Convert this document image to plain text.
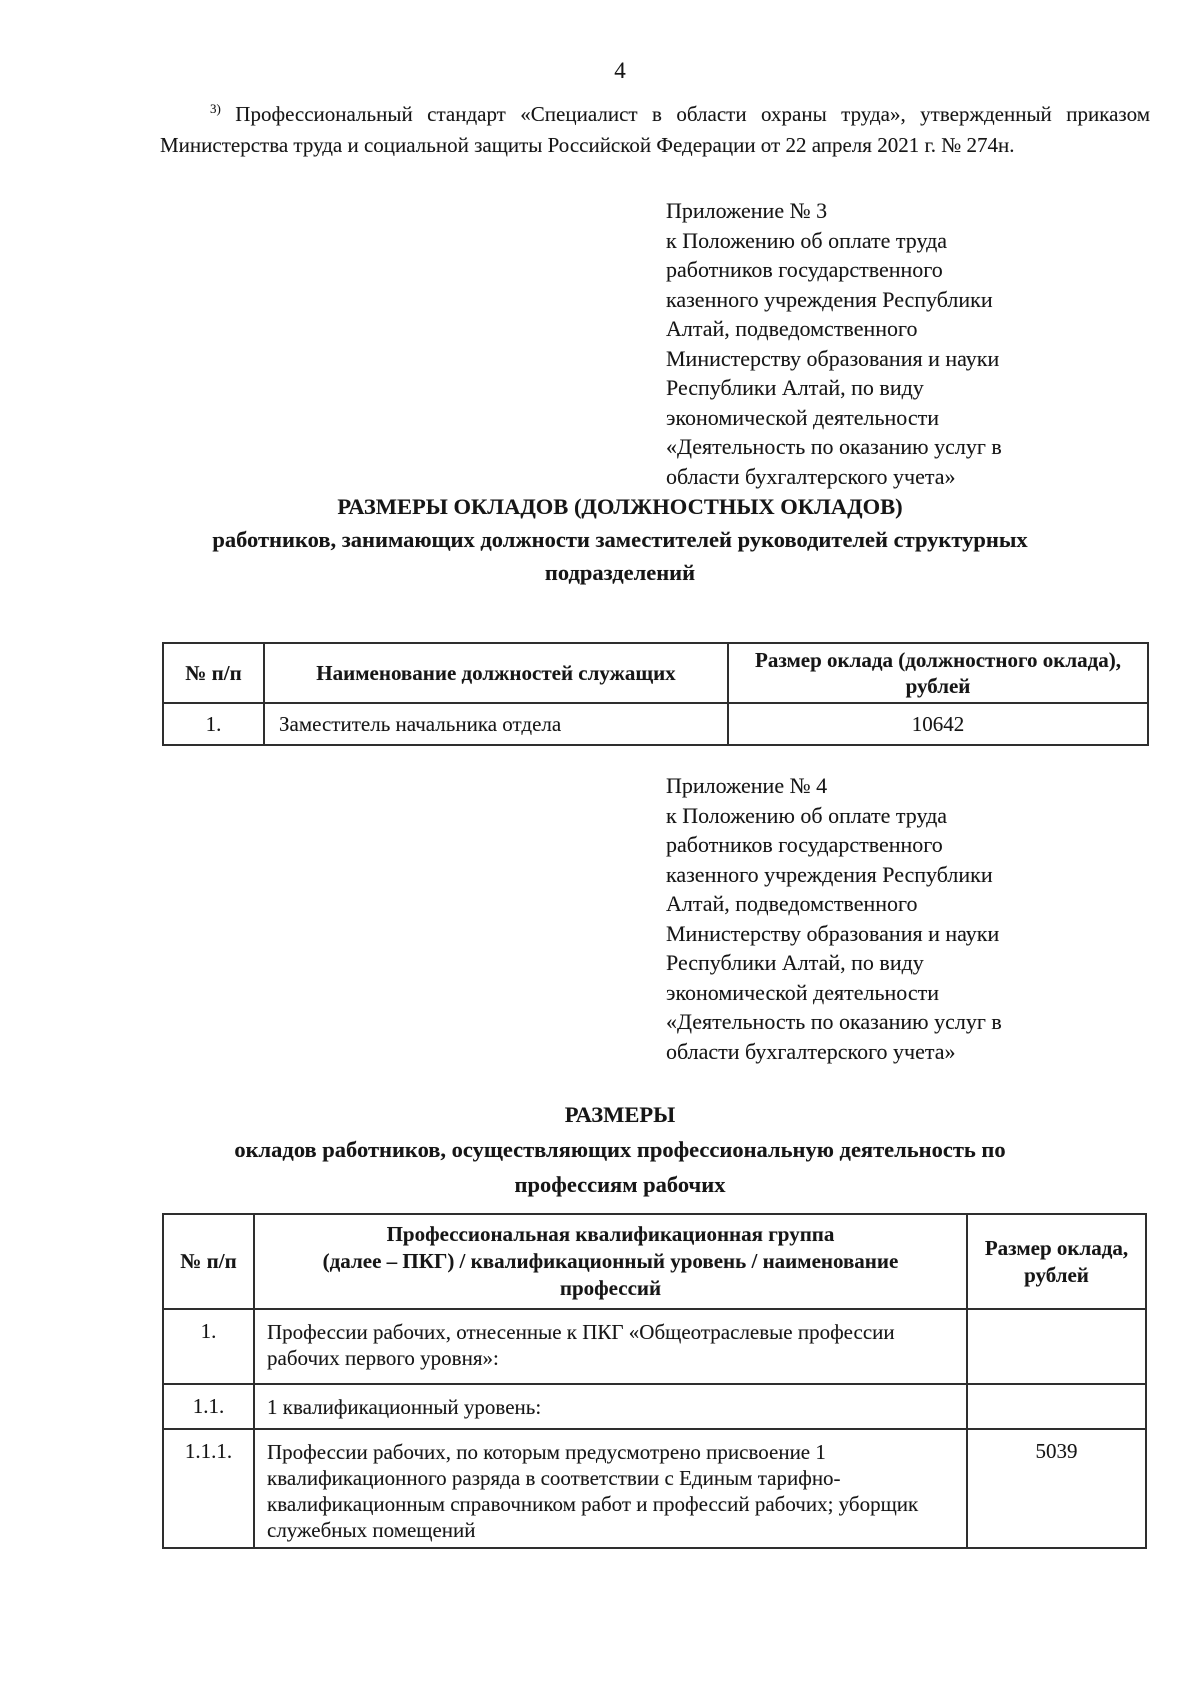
4

$^{3)}$ Профессиональный стандарт «Специалист в области охраны труда», утвержденный приказом Министерства труда и социальной защиты Российской Федерации от 22 апреля 2021 г. № 274н.

Приложение № 3
к Положению об оплате труда
работников государственного
казенного учреждения Республики
Алтай, подведомственного
Министерству образования и науки
Республики Алтай, по виду
экономической деятельности
«Деятельность по оказанию услуг в
области бухгалтерского учета»
РАЗМЕРЫ ОКЛАДОВ (ДОЛЖНОСТНЫХ ОКЛАДОВ)
работников, занимающих должности заместителей руководителей структурных
подразделений
№ п/п	Наименование должностей служащих	Размер оклада (должностного оклада),
рублей
1.	Заместитель начальника отдела	10642
Приложение № 4
к Положению об оплате труда
работников государственного
казенного учреждения Республики
Алтай, подведомственного
Министерству образования и науки
Республики Алтай, по виду
экономической деятельности
«Деятельность по оказанию услуг в
области бухгалтерского учета»
РАЗМЕРЫ
окладов работников, осуществляющих профессиональную деятельность по
профессиям рабочих
№ п/п	Профессиональная квалификационная группа
(далее – ПКГ) / квалификационный уровень / наименование
профессий	Размер оклада,
рублей
1.	Профессии рабочих, отнесенные к ПКГ «Общеотраслевые профессии рабочих первого уровня»:	
1.1.	1 квалификационный уровень:	
1.1.1.	Профессии рабочих, по которым предусмотрено присвоение 1 квалификационного разряда в соответствии с Единым тарифно-квалификационным справочником работ и профессий рабочих; уборщик служебных помещений	5039
